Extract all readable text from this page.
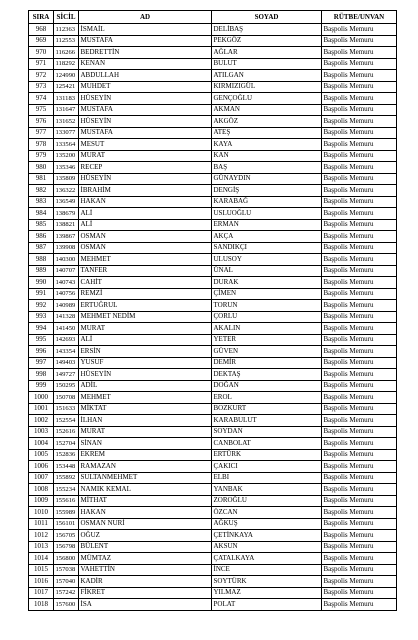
SIRA	SİCİL	AD	SOYAD	RÜTBE/UNVAN
968	112363	İSMAİL	DELİBAŞ	Başpolis Memuru
969	112553	MUSTAFA	PEKGÖZ	Başpolis Memuru
970	116266	BEDRETTİN	AĞLAR	Başpolis Memuru
971	118292	KENAN	BULUT	Başpolis Memuru
972	124990	ABDULLAH	ATILGAN	Başpolis Memuru
973	125421	MUHDET	KIRMIZIGÜL	Başpolis Memuru
974	131183	HÜSEYİN	GENÇOĞLU	Başpolis Memuru
975	131647	MUSTAFA	AKMAN	Başpolis Memuru
976	131652	HÜSEYİN	AKGÖZ	Başpolis Memuru
977	133077	MUSTAFA	ATEŞ	Başpolis Memuru
978	133564	MESUT	KAYA	Başpolis Memuru
979	135200	MURAT	KAN	Başpolis Memuru
980	135346	RECEP	BAŞ	Başpolis Memuru
981	135809	HÜSEYİN	GÜNAYDIN	Başpolis Memuru
982	136322	İBRAHİM	DENGİŞ	Başpolis Memuru
983	136549	HAKAN	KARABAĞ	Başpolis Memuru
984	138679	ALİ	USLUOĞLU	Başpolis Memuru
985	138821	ALİ	ERMAN	Başpolis Memuru
986	139867	OSMAN	AKÇA	Başpolis Memuru
987	139908	OSMAN	SANDIKÇI	Başpolis Memuru
988	140300	MEHMET	ULUSOY	Başpolis Memuru
989	140707	TANFER	ÜNAL	Başpolis Memuru
990	140743	CAHİT	DURAK	Başpolis Memuru
991	140756	REMZİ	ÇİMEN	Başpolis Memuru
992	140989	ERTUĞRUL	TORUN	Başpolis Memuru
993	141328	MEHMET NEDİM	ÇORLU	Başpolis Memuru
994	141450	MURAT	AKALIN	Başpolis Memuru
995	142693	ALİ	YETER	Başpolis Memuru
996	143354	ERSİN	GÜVEN	Başpolis Memuru
997	149403	YUSUF	DEMİR	Başpolis Memuru
998	149727	HÜSEYİN	DEKTAŞ	Başpolis Memuru
999	150295	ADİL	DOĞAN	Başpolis Memuru
1000	150708	MEHMET	EROL	Başpolis Memuru
1001	151633	MİKTAT	BOZKURT	Başpolis Memuru
1002	152554	İLHAN	KARABULUT	Başpolis Memuru
1003	152616	MURAT	SOYDAN	Başpolis Memuru
1004	152704	SİNAN	CANBOLAT	Başpolis Memuru
1005	152836	EKREM	ERTÜRK	Başpolis Memuru
1006	153448	RAMAZAN	ÇAKICI	Başpolis Memuru
1007	155892	SULTANMEHMET	ELBI	Başpolis Memuru
1008	155234	NAMIK KEMAL	YANBAK	Başpolis Memuru
1009	155616	MİTHAT	ZOROĞLU	Başpolis Memuru
1010	155989	HAKAN	ÖZCAN	Başpolis Memuru
1011	156101	OSMAN NURİ	AĞKUŞ	Başpolis Memuru
1012	156705	OĞUZ	ÇETİNKAYA	Başpolis Memuru
1013	156798	BÜLENT	AKSUN	Başpolis Memuru
1014	156800	MÜMTAZ	ÇATALKAYA	Başpolis Memuru
1015	157038	VAHETTİN	İNCE	Başpolis Memuru
1016	157040	KADİR	SOYTÜRK	Başpolis Memuru
1017	157242	FİKRET	YILMAZ	Başpolis Memuru
1018	157600	İSA	POLAT	Başpolis Memuru
